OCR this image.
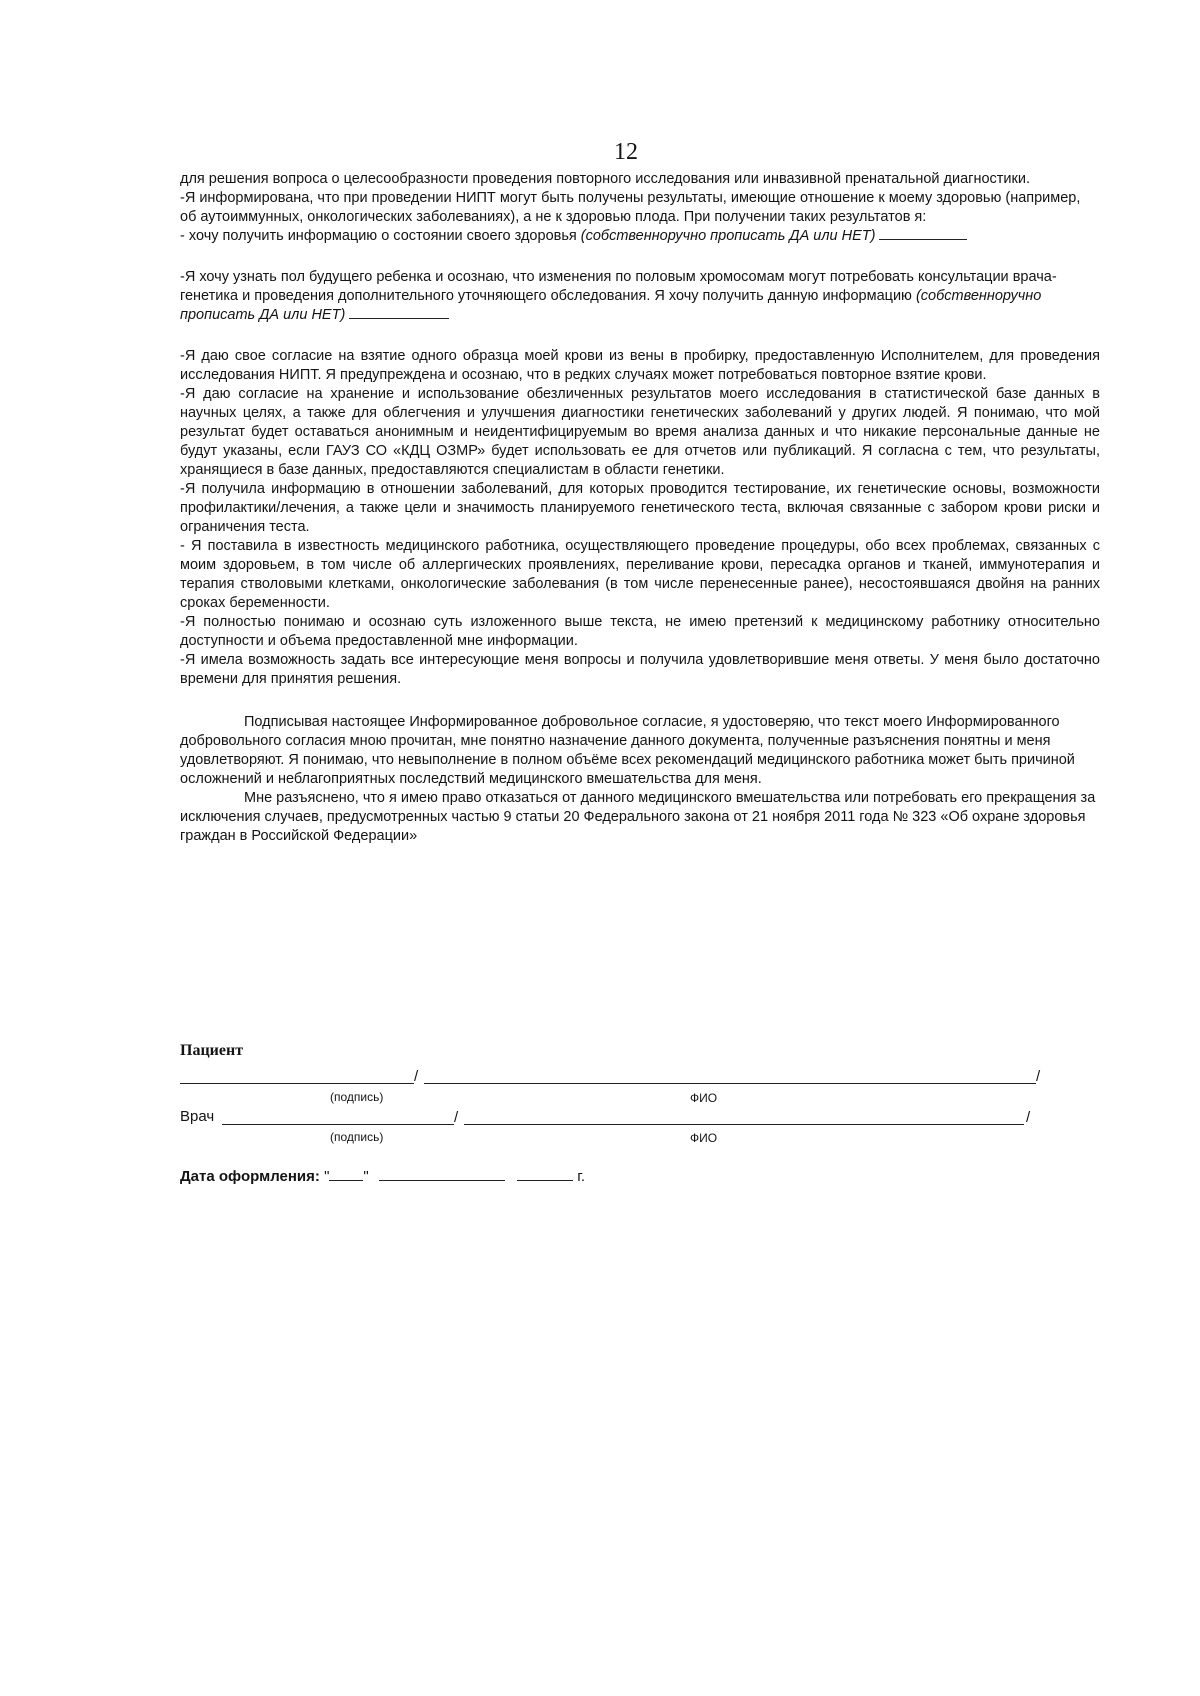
12

для решения вопроса о целесообразности проведения повторного исследования или инвазивной пренатальной диагностики.

-Я информирована, что при проведении НИПТ могут быть получены результаты, имеющие отношение к моему здоровью (например, об аутоиммунных, онкологических заболеваниях), а не к здоровью плода. При получении таких результатов я:

- хочу получить информацию о состоянии своего здоровья (собственноручно прописать ДА или НЕТ)

-Я хочу узнать пол будущего ребенка и осознаю, что изменения по половым хромосомам могут потребовать консультации врача-генетика и проведения дополнительного уточняющего обследования. Я хочу получить данную информацию (собственноручно прописать ДА или НЕТ)

-Я даю свое согласие на взятие одного образца моей крови из вены в пробирку, предоставленную Исполнителем, для проведения исследования НИПТ. Я предупреждена и осознаю, что в редких случаях может потребоваться повторное взятие крови.

-Я даю согласие на хранение и использование обезличенных результатов моего исследования в статистической базе данных в научных целях, а также для облегчения и улучшения диагностики генетических заболеваний у других людей. Я понимаю, что мой результат будет оставаться анонимным и неидентифицируемым во время анализа данных и что никакие персональные данные не будут указаны, если ГАУЗ СО «КДЦ ОЗМР» будет использовать ее для отчетов или публикаций. Я согласна с тем, что результаты, хранящиеся в базе данных, предоставляются специалистам в области генетики.

-Я получила информацию в отношении заболеваний, для которых проводится тестирование, их генетические основы, возможности профилактики/лечения, а также цели и значимость планируемого генетического теста, включая связанные с забором крови риски и ограничения теста.

- Я поставила в известность медицинского работника, осуществляющего проведение процедуры, обо всех проблемах, связанных с моим здоровьем, в том числе об аллергических проявлениях, переливание крови, пересадка органов и тканей, иммунотерапия и терапия стволовыми клетками, онкологические заболевания (в том числе перенесенные ранее), несостоявшаяся двойня на ранних сроках беременности.

-Я полностью понимаю и осознаю суть изложенного выше текста, не имею претензий к медицинскому работнику относительно доступности и объема предоставленной мне информации.

-Я имела возможность задать все интересующие меня вопросы и получила удовлетворившие меня ответы. У меня было достаточно времени для принятия решения.

Подписывая настоящее Информированное добровольное согласие, я удостоверяю, что текст моего Информированного добровольного согласия мною прочитан, мне понятно назначение данного документа, полученные разъяснения понятны и меня удовлетворяют. Я понимаю, что невыполнение в полном объёме всех рекомендаций медицинского работника может быть причиной осложнений и неблагоприятных последствий медицинского вмешательства для меня.

Мне разъяснено, что я имею право отказаться от данного медицинского вмешательства или потребовать его прекращения за исключения случаев, предусмотренных частью 9 статьи 20 Федерального закона от 21 ноября 2011 года № 323 «Об охране здоровья граждан в Российской Федерации»

Пациент
/	/
(подпись)	ФИО
Врач	/	/
(подпись)	ФИО
Дата оформления: " "	г.
